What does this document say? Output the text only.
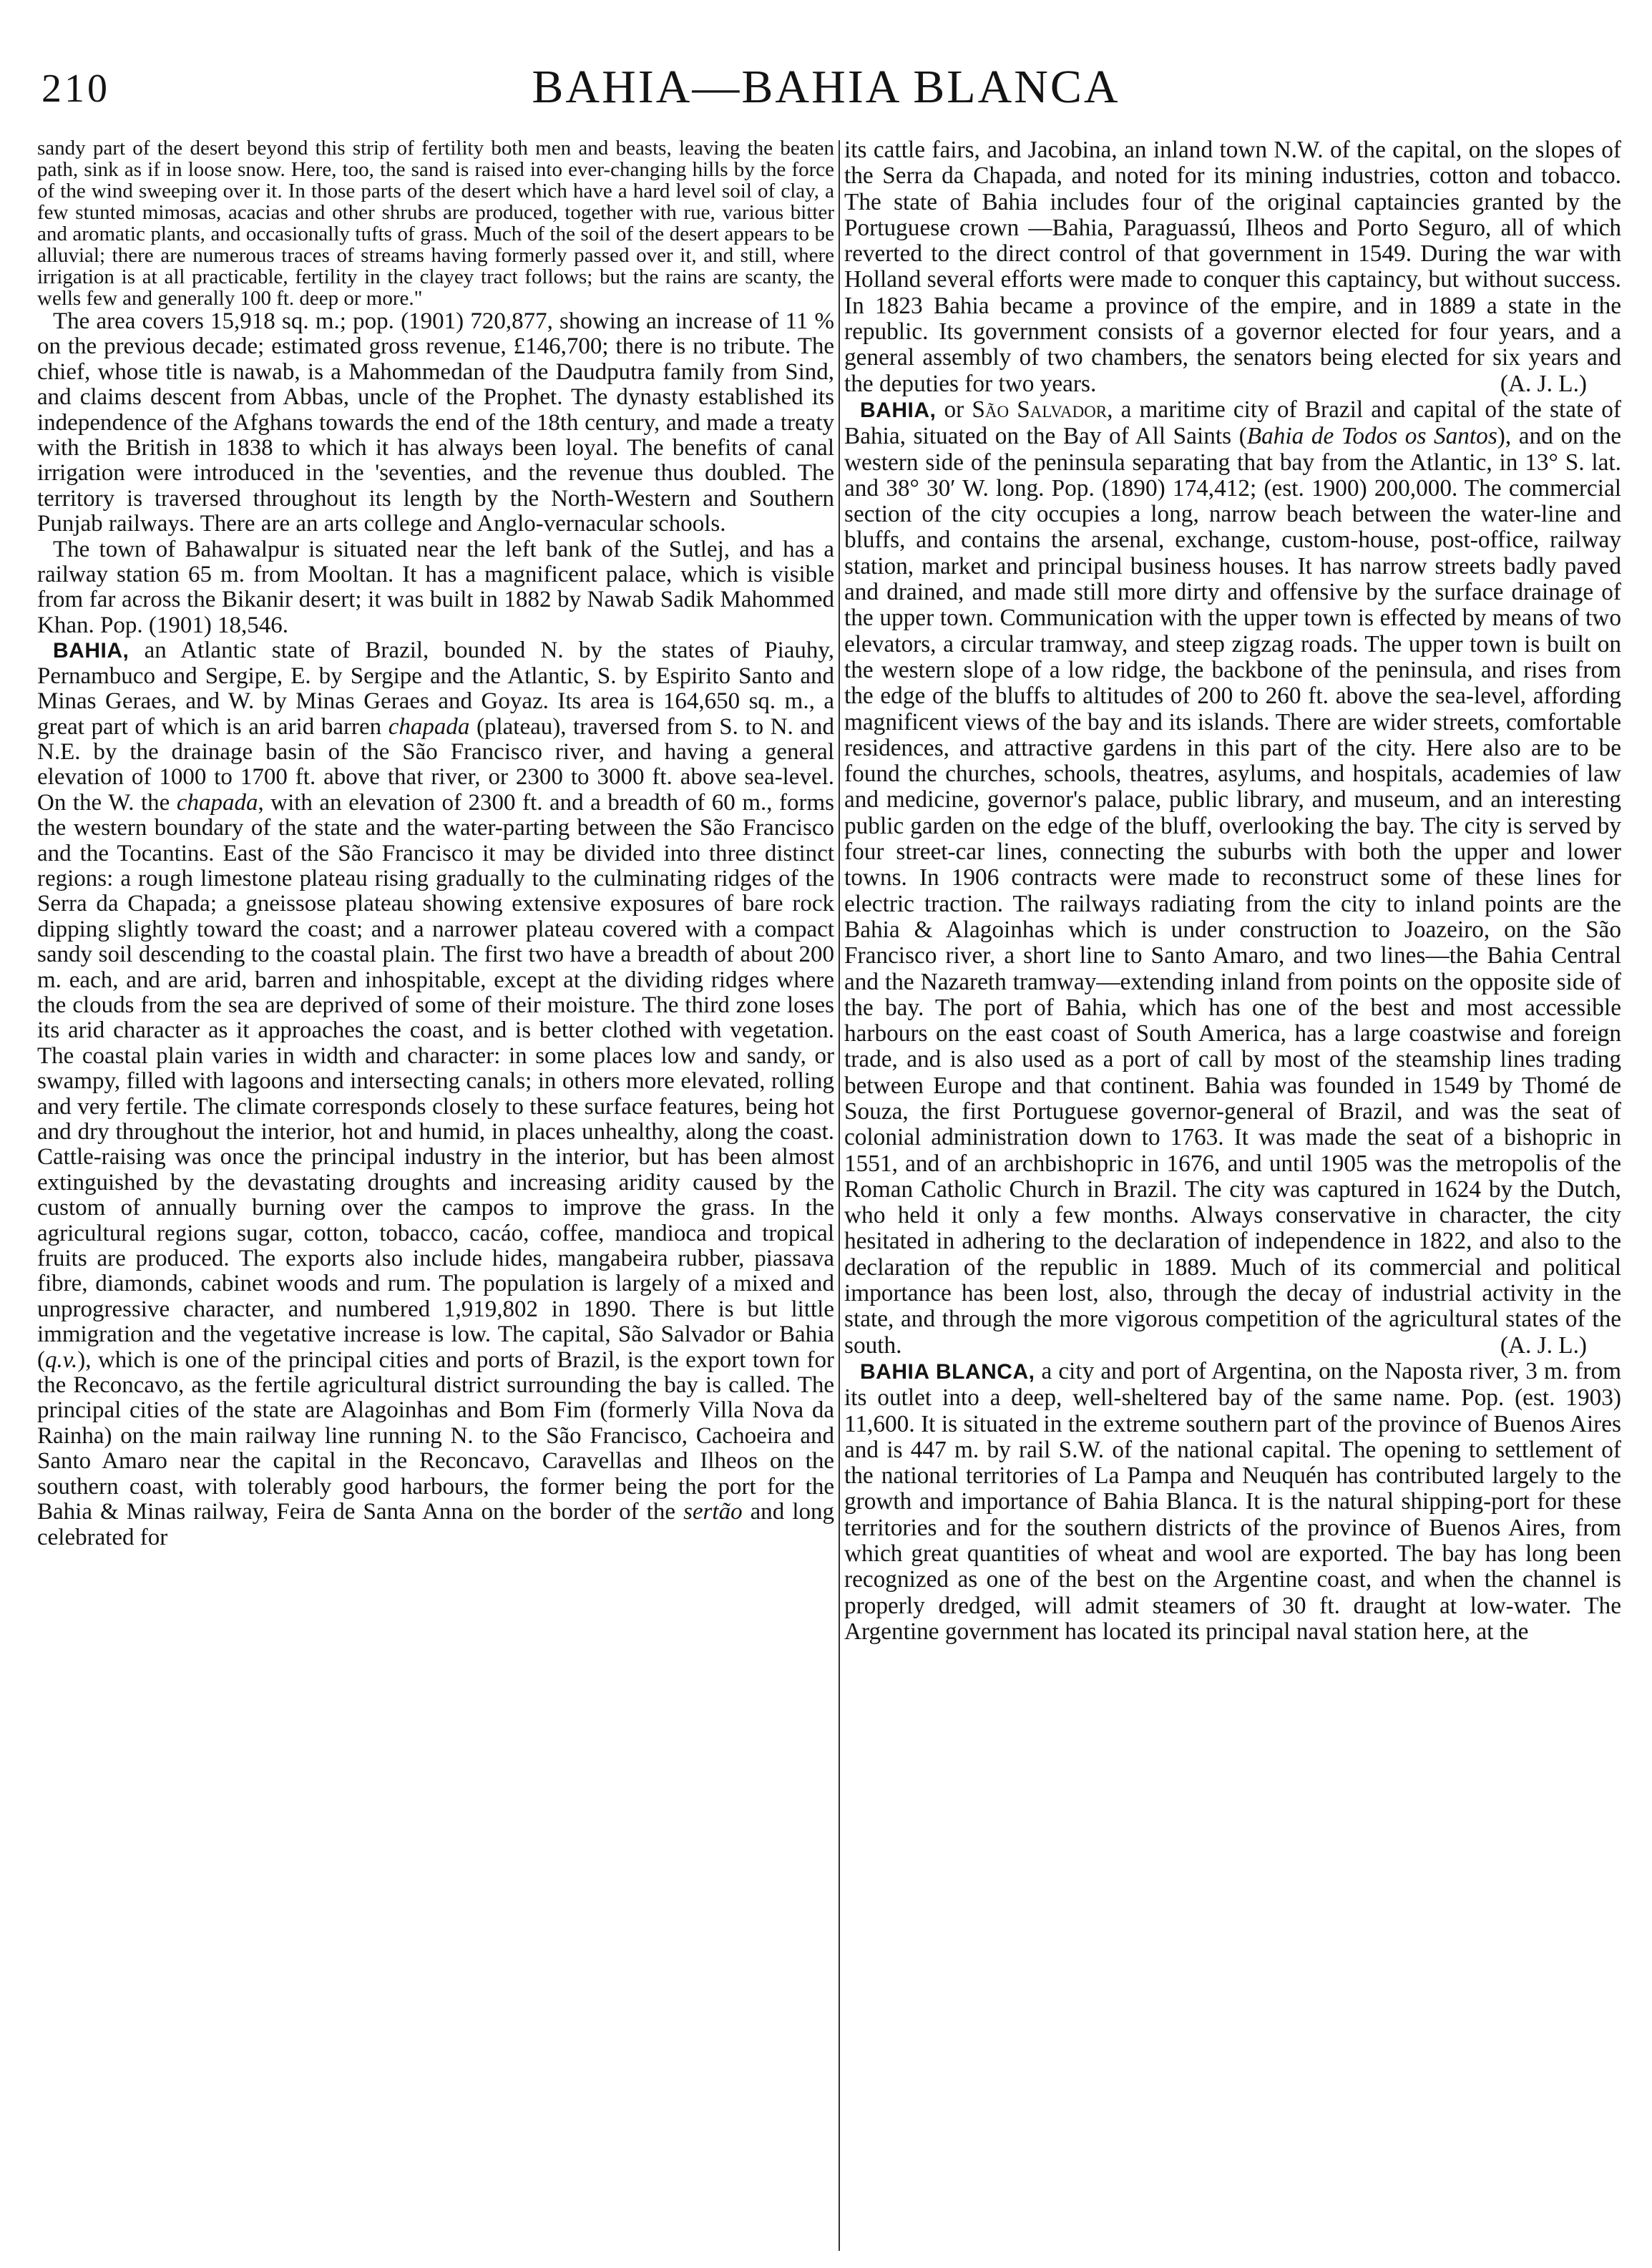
210	BAHIA—BAHIA BLANCA

sandy part of the desert beyond this strip of fertility both men and beasts, leaving the beaten path, sink as if in loose snow. Here, too, the sand is raised into ever-changing hills by the force of the wind sweeping over it. In those parts of the desert which have a hard level soil of clay, a few stunted mimosas, acacias and other shrubs are produced, together with rue, various bitter and aromatic plants, and occasionally tufts of grass. Much of the soil of the desert appears to be alluvial; there are numerous traces of streams having formerly passed over it, and still, where irrigation is at all practicable, fertility in the clayey tract follows; but the rains are scanty, the wells few and generally 100 ft. deep or more."

The area covers 15,918 sq. m.; pop. (1901) 720,877, showing an increase of 11 % on the previous decade; estimated gross revenue, £146,700; there is no tribute. The chief, whose title is nawab, is a Mahommedan of the Daudputra family from Sind, and claims descent from Abbas, uncle of the Prophet. The dynasty established its independence of the Afghans towards the end of the 18th century, and made a treaty with the British in 1838 to which it has always been loyal. The benefits of canal irrigation were introduced in the 'seventies, and the revenue thus doubled. The territory is traversed throughout its length by the North-Western and Southern Punjab railways. There are an arts college and Anglo-vernacular schools.

The town of Bahawalpur is situated near the left bank of the Sutlej, and has a railway station 65 m. from Mooltan. It has a magnificent palace, which is visible from far across the Bikanir desert; it was built in 1882 by Nawab Sadik Mahommed Khan. Pop. (1901) 18,546.

BAHIA, an Atlantic state of Brazil, bounded N. by the states of Piauhy, Pernambuco and Sergipe, E. by Sergipe and the Atlantic, S. by Espirito Santo and Minas Geraes, and W. by Minas Geraes and Goyaz. Its area is 164,650 sq. m., a great part of which is an arid barren chapada (plateau), traversed from S. to N. and N.E. by the drainage basin of the São Francisco river, and having a general elevation of 1000 to 1700 ft. above that river, or 2300 to 3000 ft. above sea-level. On the W. the chapada, with an elevation of 2300 ft. and a breadth of 60 m., forms the western boundary of the state and the water-parting between the São Francisco and the Tocantins. East of the São Francisco it may be divided into three distinct regions: a rough limestone plateau rising gradually to the culminating ridges of the Serra da Chapada; a gneissose plateau showing extensive exposures of bare rock dipping slightly toward the coast; and a narrower plateau covered with a compact sandy soil descending to the coastal plain. The first two have a breadth of about 200 m. each, and are arid, barren and inhospitable, except at the dividing ridges where the clouds from the sea are deprived of some of their moisture. The third zone loses its arid character as it approaches the coast, and is better clothed with vegetation. The coastal plain varies in width and character: in some places low and sandy, or swampy, filled with lagoons and intersecting canals; in others more elevated, rolling and very fertile. The climate corresponds closely to these surface features, being hot and dry throughout the interior, hot and humid, in places unhealthy, along the coast. Cattle-raising was once the principal industry in the interior, but has been almost extinguished by the devastating droughts and increasing aridity caused by the custom of annually burning over the campos to improve the grass. In the agricultural regions sugar, cotton, tobacco, cacáo, coffee, mandioca and tropical fruits are produced. The exports also include hides, mangabeira rubber, piassava fibre, diamonds, cabinet woods and rum. The population is largely of a mixed and unprogressive character, and numbered 1,919,802 in 1890. There is but little immigration and the vegetative increase is low. The capital, São Salvador or Bahia (q.v.), which is one of the principal cities and ports of Brazil, is the export town for the Reconcavo, as the fertile agricultural district surrounding the bay is called. The principal cities of the state are Alagoinhas and Bom Fim (formerly Villa Nova da Rainha) on the main railway line running N. to the São Francisco, Cachoeira and Santo Amaro near the capital in the Reconcavo, Caravellas and Ilheos on the southern coast, with tolerably good harbours, the former being the port for the Bahia & Minas railway, Feira de Santa Anna on the border of the sertão and long celebrated for

its cattle fairs, and Jacobina, an inland town N.W. of the capital, on the slopes of the Serra da Chapada, and noted for its mining industries, cotton and tobacco. The state of Bahia includes four of the original captaincies granted by the Portuguese crown —Bahia, Paraguassú, Ilheos and Porto Seguro, all of which reverted to the direct control of that government in 1549. During the war with Holland several efforts were made to conquer this captaincy, but without success. In 1823 Bahia became a province of the empire, and in 1889 a state in the republic. Its government consists of a governor elected for four years, and a general assembly of two chambers, the senators being elected for six years and the deputies for two years.	(A. J. L.)

BAHIA, or São Salvador, a maritime city of Brazil and capital of the state of Bahia, situated on the Bay of All Saints (Bahia de Todos os Santos), and on the western side of the peninsula separating that bay from the Atlantic, in 13° S. lat. and 38° 30′ W. long. Pop. (1890) 174,412; (est. 1900) 200,000. The commercial section of the city occupies a long, narrow beach between the water-line and bluffs, and contains the arsenal, exchange, custom-house, post-office, railway station, market and principal business houses. It has narrow streets badly paved and drained, and made still more dirty and offensive by the surface drainage of the upper town. Communication with the upper town is effected by means of two elevators, a circular tramway, and steep zigzag roads. The upper town is built on the western slope of a low ridge, the backbone of the peninsula, and rises from the edge of the bluffs to altitudes of 200 to 260 ft. above the sea-level, affording magnificent views of the bay and its islands. There are wider streets, comfortable residences, and attractive gardens in this part of the city. Here also are to be found the churches, schools, theatres, asylums, and hospitals, academies of law and medicine, governor's palace, public library, and museum, and an interesting public garden on the edge of the bluff, overlooking the bay. The city is served by four street-car lines, connecting the suburbs with both the upper and lower towns. In 1906 contracts were made to reconstruct some of these lines for electric traction. The railways radiating from the city to inland points are the Bahia & Alagoinhas which is under construction to Joazeiro, on the São Francisco river, a short line to Santo Amaro, and two lines—the Bahia Central and the Nazareth tramway—extending inland from points on the opposite side of the bay. The port of Bahia, which has one of the best and most accessible harbours on the east coast of South America, has a large coastwise and foreign trade, and is also used as a port of call by most of the steamship lines trading between Europe and that continent. Bahia was founded in 1549 by Thomé de Souza, the first Portuguese governor-general of Brazil, and was the seat of colonial administration down to 1763. It was made the seat of a bishopric in 1551, and of an archbishopric in 1676, and until 1905 was the metropolis of the Roman Catholic Church in Brazil. The city was captured in 1624 by the Dutch, who held it only a few months. Always conservative in character, the city hesitated in adhering to the declaration of independence in 1822, and also to the declaration of the republic in 1889. Much of its commercial and political importance has been lost, also, through the decay of industrial activity in the state, and through the more vigorous competition of the agricultural states of the south.	(A. J. L.)

BAHIA BLANCA, a city and port of Argentina, on the Naposta river, 3 m. from its outlet into a deep, well-sheltered bay of the same name. Pop. (est. 1903) 11,600. It is situated in the extreme southern part of the province of Buenos Aires and is 447 m. by rail S.W. of the national capital. The opening to settlement of the national territories of La Pampa and Neuquén has contributed largely to the growth and importance of Bahia Blanca. It is the natural shipping-port for these territories and for the southern districts of the province of Buenos Aires, from which great quantities of wheat and wool are exported. The bay has long been recognized as one of the best on the Argentine coast, and when the channel is properly dredged, will admit steamers of 30 ft. draught at low-water. The Argentine government has located its principal naval station here, at the
